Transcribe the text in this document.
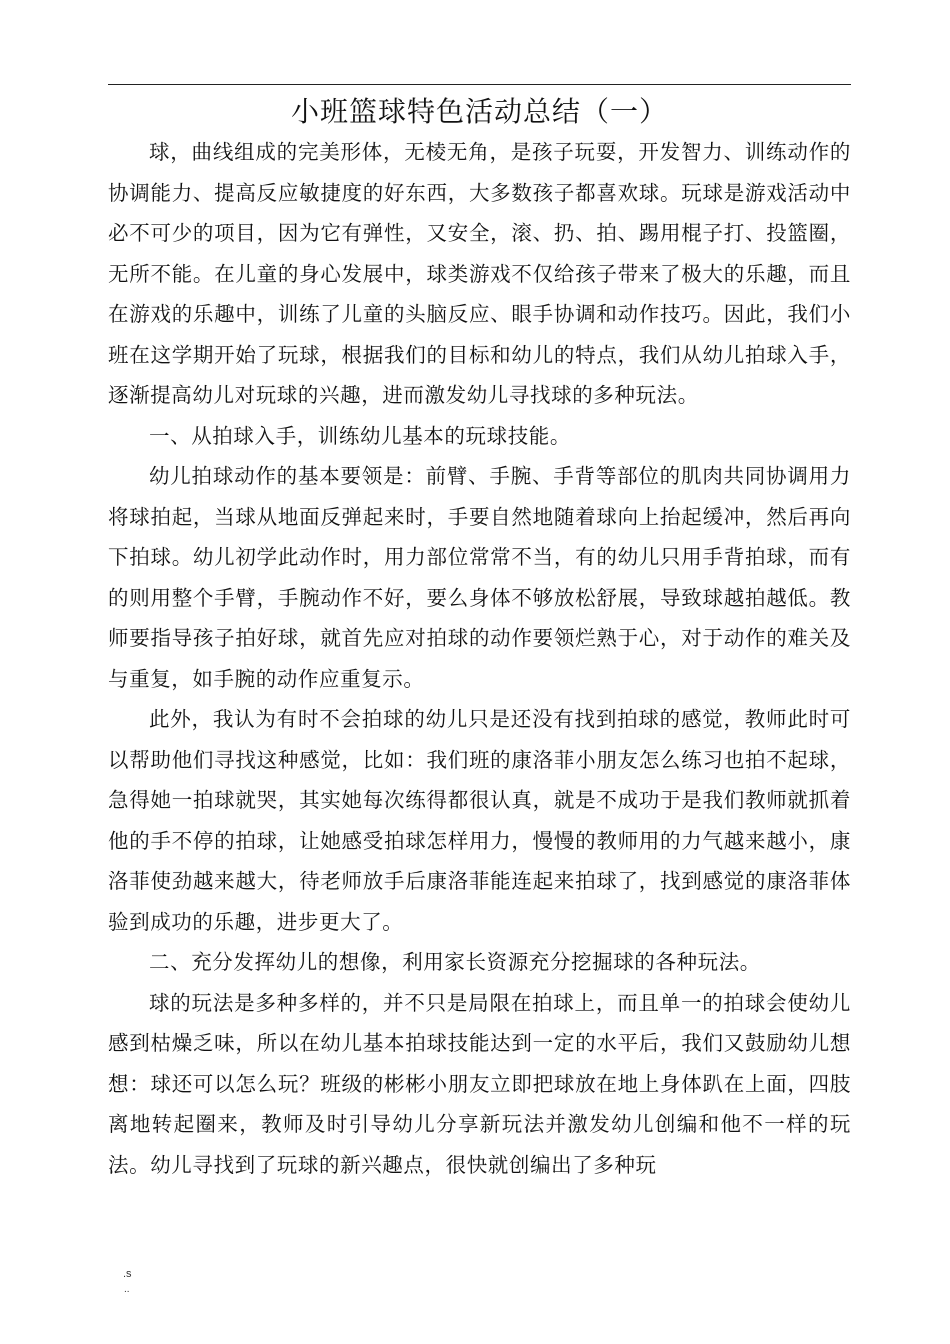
小班篮球特色活动总结（一）

球，曲线组成的完美形体，无棱无角，是孩子玩耍，开发智力、训练动作的协调能力、提高反应敏捷度的好东西，大多数孩子都喜欢球。玩球是游戏活动中必不可少的项目，因为它有弹性，又安全，滚、扔、拍、踢用棍子打、投篮圈，无所不能。在儿童的身心发展中，球类游戏不仅给孩子带来了极大的乐趣，而且在游戏的乐趣中，训练了儿童的头脑反应、眼手协调和动作技巧。因此，我们小班在这学期开始了玩球，根据我们的目标和幼儿的特点，我们从幼儿拍球入手，逐渐提高幼儿对玩球的兴趣，进而激发幼儿寻找球的多种玩法。

一、从拍球入手，训练幼儿基本的玩球技能。

幼儿拍球动作的基本要领是：前臂、手腕、手背等部位的肌肉共同协调用力将球拍起，当球从地面反弹起来时，手要自然地随着球向上抬起缓冲，然后再向下拍球。幼儿初学此动作时，用力部位常常不当，有的幼儿只用手背拍球，而有的则用整个手臂，手腕动作不好，要么身体不够放松舒展，导致球越拍越低。教师要指导孩子拍好球，就首先应对拍球的动作要领烂熟于心，对于动作的难关及与重复，如手腕的动作应重复示。

此外，我认为有时不会拍球的幼儿只是还没有找到拍球的感觉，教师此时可以帮助他们寻找这种感觉，比如：我们班的康洛菲小朋友怎么练习也拍不起球，急得她一拍球就哭，其实她每次练得都很认真，就是不成功于是我们教师就抓着他的手不停的拍球，让她感受拍球怎样用力，慢慢的教师用的力气越来越小，康洛菲使劲越来越大，待老师放手后康洛菲能连起来拍球了，找到感觉的康洛菲体验到成功的乐趣，进步更大了。

二、充分发挥幼儿的想像，利用家长资源充分挖掘球的各种玩法。

球的玩法是多种多样的，并不只是局限在拍球上，而且单一的拍球会使幼儿感到枯燥乏味，所以在幼儿基本拍球技能达到一定的水平后，我们又鼓励幼儿想想：球还可以怎么玩？班级的彬彬小朋友立即把球放在地上身体趴在上面，四肢离地转起圈来，教师及时引导幼儿分享新玩法并激发幼儿创编和他不一样的玩法。幼儿寻找到了玩球的新兴趣点，很快就创编出了多种玩

.s
..
